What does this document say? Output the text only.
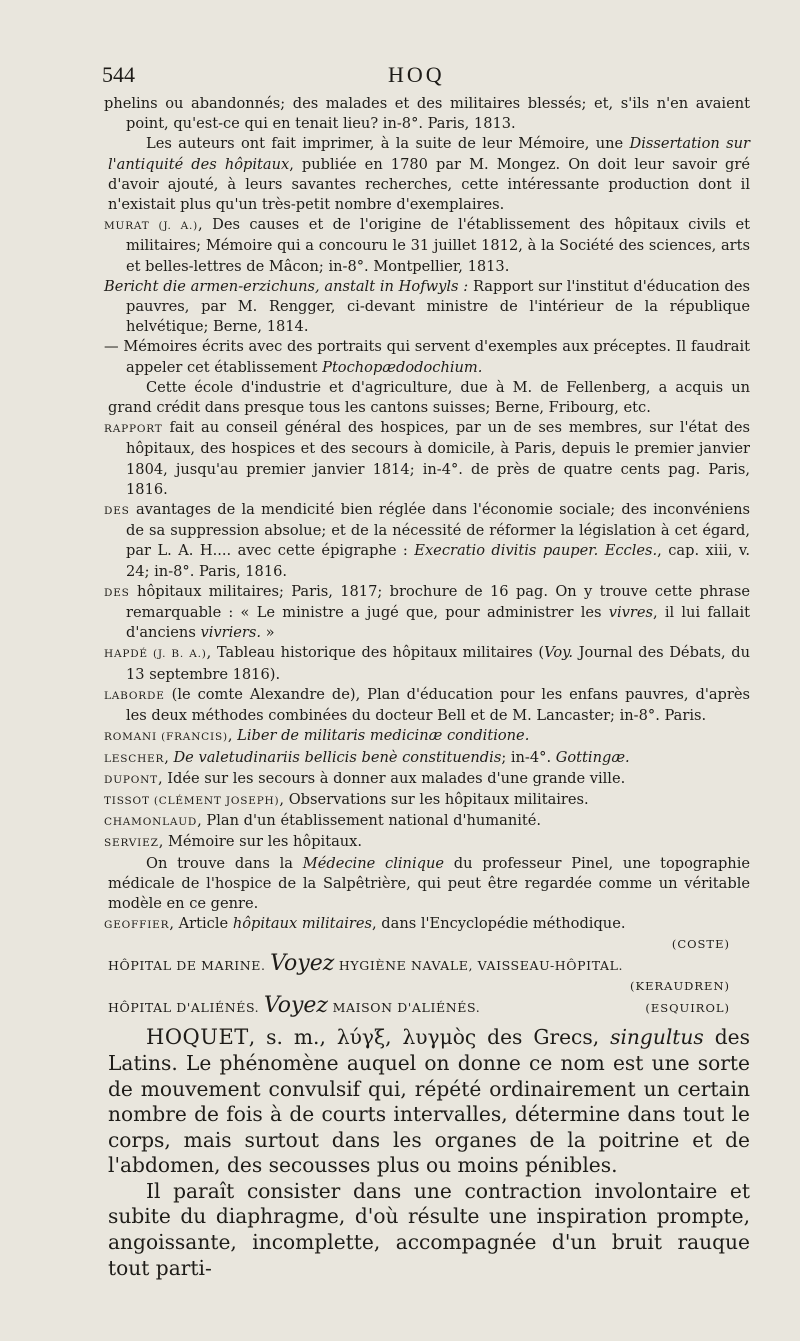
544	HOQ

phelins ou abandonnés; des malades et des militaires blessés; et, s'ils n'en avaient point, qu'est-ce qui en tenait lieu? in-8°. Paris, 1813.

Les auteurs ont fait imprimer, à la suite de leur Mémoire, une Dissertation sur l'antiquité des hôpitaux, publiée en 1780 par M. Mongez. On doit leur savoir gré d'avoir ajouté, à leurs savantes recherches, cette intéressante production dont il n'existait plus qu'un très-petit nombre d'exemplaires.

MURAT (J. A.), Des causes et de l'origine de l'établissement des hôpitaux civils et militaires; Mémoire qui a concouru le 31 juillet 1812, à la Société des sciences, arts et belles-lettres de Mâcon; in-8°. Montpellier, 1813.

Bericht die armen-erzichuns, anstalt in Hofwyls : Rapport sur l'institut d'éducation des pauvres, par M. Rengger, ci-devant ministre de l'intérieur de la république helvétique; Berne, 1814.

— Mémoires écrits avec des portraits qui servent d'exemples aux préceptes. Il faudrait appeler cet établissement Ptochopædodochium.

Cette école d'industrie et d'agriculture, due à M. de Fellenberg, a acquis un grand crédit dans presque tous les cantons suisses; Berne, Fribourg, etc.

RAPPORT fait au conseil général des hospices, par un de ses membres, sur l'état des hôpitaux, des hospices et des secours à domicile, à Paris, depuis le premier janvier 1804, jusqu'au premier janvier 1814; in-4°. de près de quatre cents pag. Paris, 1816.

DES avantages de la mendicité bien réglée dans l'économie sociale; des inconvéniens de sa suppression absolue; et de la nécessité de réformer la législation à cet égard, par L. A. H.... avec cette épigraphe : Execratio divitis pauper. Eccles., cap. xiii, v. 24; in-8°. Paris, 1816.

DES hôpitaux militaires; Paris, 1817; brochure de 16 pag. On y trouve cette phrase remarquable : « Le ministre a jugé que, pour administrer les vivres, il lui fallait d'anciens vivriers. »

HAPDÉ (J. B. A.), Tableau historique des hôpitaux militaires (Voy. Journal des Débats, du 13 septembre 1816).

LABORDE (le comte Alexandre de), Plan d'éducation pour les enfans pauvres, d'après les deux méthodes combinées du docteur Bell et de M. Lancaster; in-8°. Paris.

ROMANI (FRANCIS), Liber de militaris medicinæ conditione.

LESCHER, De valetudinariis bellicis benè constituendis; in-4°. Gottingæ.

DUPONT, Idée sur les secours à donner aux malades d'une grande ville.

TISSOT (CLÉMENT JOSEPH), Observations sur les hôpitaux militaires.

CHAMONLAUD, Plan d'un établissement national d'humanité.

SERVIEZ, Mémoire sur les hôpitaux.

On trouve dans la Médecine clinique du professeur Pinel, une topographie médicale de l'hospice de la Salpêtrière, qui peut être regardée comme un véritable modèle en ce genre.

GEOFFIER, Article hôpitaux militaires, dans l'Encyclopédie méthodique.

(COSTE)

HÔPITAL DE MARINE. Voyez HYGIÈNE NAVALE, VAISSEAU-HÔPITAL.

(KERAUDREN)

HÔPITAL D'ALIÉNÉS. Voyez MAISON D'ALIÉNÉS.	(ESQUIROL)

HOQUET, s. m., λύγξ, λυγμὸς des Grecs, singultus des Latins. Le phénomène auquel on donne ce nom est une sorte de mouvement convulsif qui, répété ordinairement un certain nombre de fois à de courts intervalles, détermine dans tout le corps, mais surtout dans les organes de la poitrine et de l'abdomen, des secousses plus ou moins pénibles.

Il paraît consister dans une contraction involontaire et subite du diaphragme, d'où résulte une inspiration prompte, angoissante, incomplette, accompagnée d'un bruit rauque tout parti-
